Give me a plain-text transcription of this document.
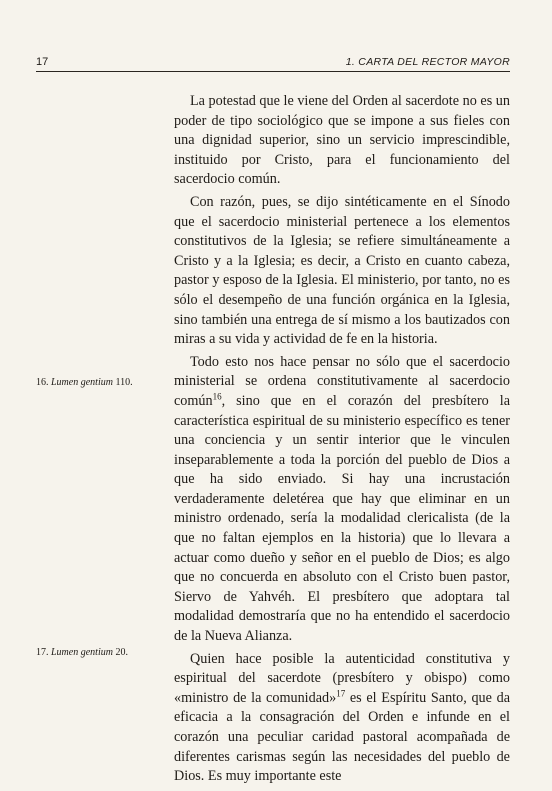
17	1. CARTA DEL RECTOR MAYOR

La potestad que le viene del Orden al sacerdote no es un poder de tipo sociológico que se impone a sus fieles con una dignidad superior, sino un servicio imprescindible, instituido por Cristo, para el funcionamiento del sacerdocio común.

Con razón, pues, se dijo sintéticamente en el Sínodo que el sacerdocio ministerial pertenece a los elementos constitutivos de la Iglesia; se refiere simultáneamente a Cristo y a la Iglesia; es decir, a Cristo en cuanto cabeza, pastor y esposo de la Iglesia. El ministerio, por tanto, no es sólo el desempeño de una función orgánica en la Iglesia, sino también una entrega de sí mismo a los bautizados con miras a su vida y actividad de fe en la historia.

Todo esto nos hace pensar no sólo que el sacerdocio ministerial se ordena constitutivamente al sacerdocio común$^{16}$, sino que en el corazón del presbítero la característica espiritual de su ministerio específico es tener una conciencia y un sentir interior que le vinculen inseparablemente a toda la porción del pueblo de Dios a que ha sido enviado. Si hay una incrustación verdaderamente deletérea que hay que eliminar en un ministro ordenado, sería la modalidad clericalista (de la que no faltan ejemplos en la historia) que lo llevara a actuar como dueño y señor en el pueblo de Dios; es algo que no concuerda en absoluto con el Cristo buen pastor, Siervo de Yahvéh. El presbítero que adoptara tal modalidad demostraría que no ha entendido el sacerdocio de la Nueva Alianza.

Quien hace posible la autenticidad constitutiva y espiritual del sacerdote (presbítero y obispo) como «ministro de la comunidad»$^{17}$ es el Espíritu Santo, que da eficacia a la consagración del Orden e infunde en el corazón una peculiar caridad pastoral acompañada de diferentes carismas según las necesidades del pueblo de Dios. Es muy importante este

16. Lumen gentium 110.
17. Lumen gentium 20.
